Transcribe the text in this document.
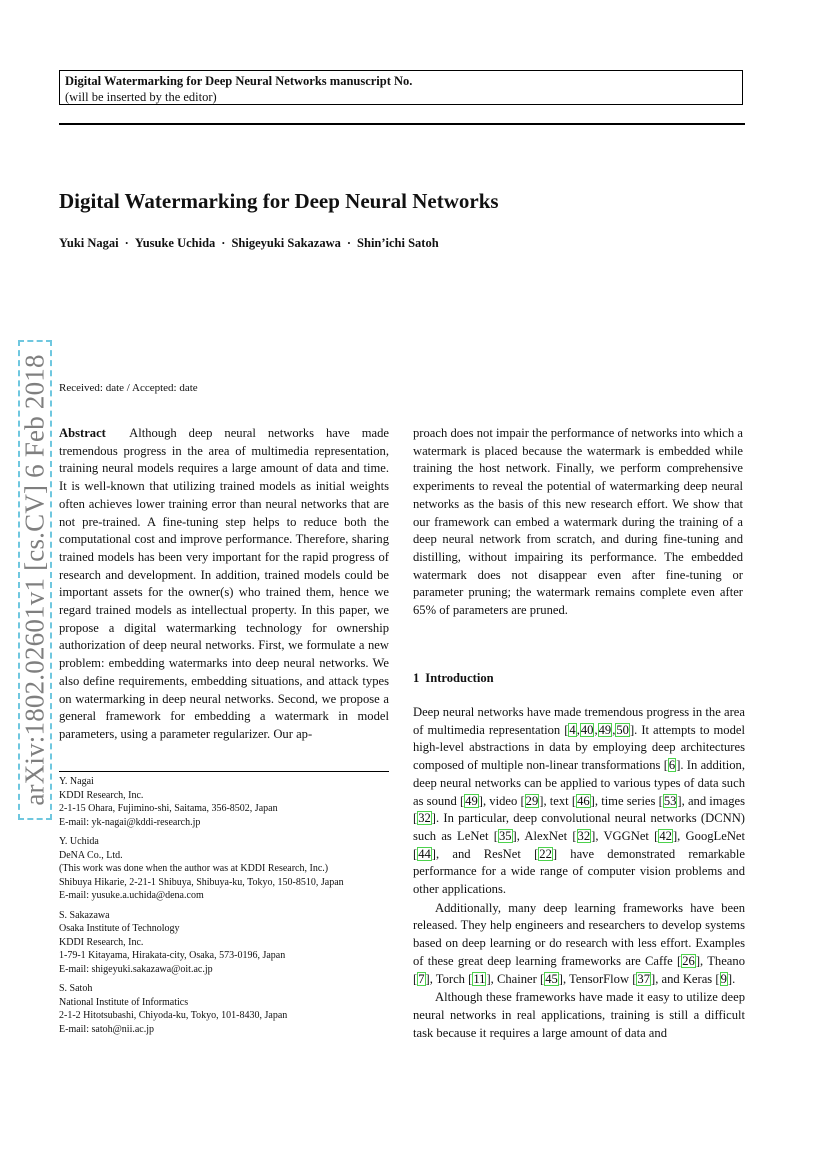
Digital Watermarking for Deep Neural Networks manuscript No.
(will be inserted by the editor)
Digital Watermarking for Deep Neural Networks
Yuki Nagai · Yusuke Uchida · Shigeyuki Sakazawa · Shin’ichi Satoh
arXiv:1802.02601v1 [cs.CV] 6 Feb 2018 Received: date / Accepted: date

Abstract Although deep neural networks have made tremendous progress in the area of multimedia representation, training neural models requires a large amount of data and time. It is well-known that utilizing trained models as initial weights often achieves lower training error than neural networks that are not pre-trained. A fine-tuning step helps to reduce both the computational cost and improve performance. Therefore, sharing trained models has been very important for the rapid progress of research and development. In addition, trained models could be important assets for the owner(s) who trained them, hence we regard trained models as intellectual property. In this paper, we propose a digital watermarking technology for ownership authorization of deep neural networks. First, we formulate a new problem: embedding watermarks into deep neural networks. We also define requirements, embedding situations, and attack types on watermarking in deep neural networks. Second, we propose a general framework for embedding a watermark in model parameters, using a parameter regularizer. Our ap-

proach does not impair the performance of networks into which a watermark is placed because the watermark is embedded while training the host network. Finally, we perform comprehensive experiments to reveal the potential of watermarking deep neural networks as the basis of this new research effort. We show that our framework can embed a watermark during the training of a deep neural network from scratch, and during fine-tuning and distilling, without impairing its performance. The embedded watermark does not disappear even after fine-tuning or parameter pruning; the watermark remains complete even after 65% of parameters are pruned.

Y. Nagai
KDDI Research, Inc.
2-1-15 Ohara, Fujimino-shi, Saitama, 356-8502, Japan
E-mail: yk-nagai@kddi-research.jp
Y. Uchida
DeNA Co., Ltd.
(This work was done when the author was at KDDI Research, Inc.)
Shibuya Hikarie, 2-21-1 Shibuya, Shibuya-ku, Tokyo, 150-8510, Japan
E-mail: yusuke.a.uchida@dena.com
S. Sakazawa
Osaka Institute of Technology
KDDI Research, Inc.
1-79-1 Kitayama, Hirakata-city, Osaka, 573-0196, Japan
E-mail: shigeyuki.sakazawa@oit.ac.jp
S. Satoh
National Institute of Informatics
2-1-2 Hitotsubashi, Chiyoda-ku, Tokyo, 101-8430, Japan
E-mail: satoh@nii.ac.jp
1 Introduction

Deep neural networks have made tremendous progress in the area of multimedia representation [4,40,49,50]. It attempts to model high-level abstractions in data by employing deep architectures composed of multiple non-linear transformations [6]. In addition, deep neural networks can be applied to various types of data such as sound [49], video [29], text [46], time series [53], and images [32]. In particular, deep convolutional neural networks (DCNN) such as LeNet [35], AlexNet [32], VGGNet [42], GoogLeNet [44], and ResNet [22] have demonstrated remarkable performance for a wide range of computer vision problems and other applications.

Additionally, many deep learning frameworks have been released. They help engineers and researchers to develop systems based on deep learning or do research with less effort. Examples of these great deep learning frameworks are Caffe [26], Theano [7], Torch [11], Chainer [45], TensorFlow [37], and Keras [9].

Although these frameworks have made it easy to utilize deep neural networks in real applications, training is still a difficult task because it requires a large amount of data and
